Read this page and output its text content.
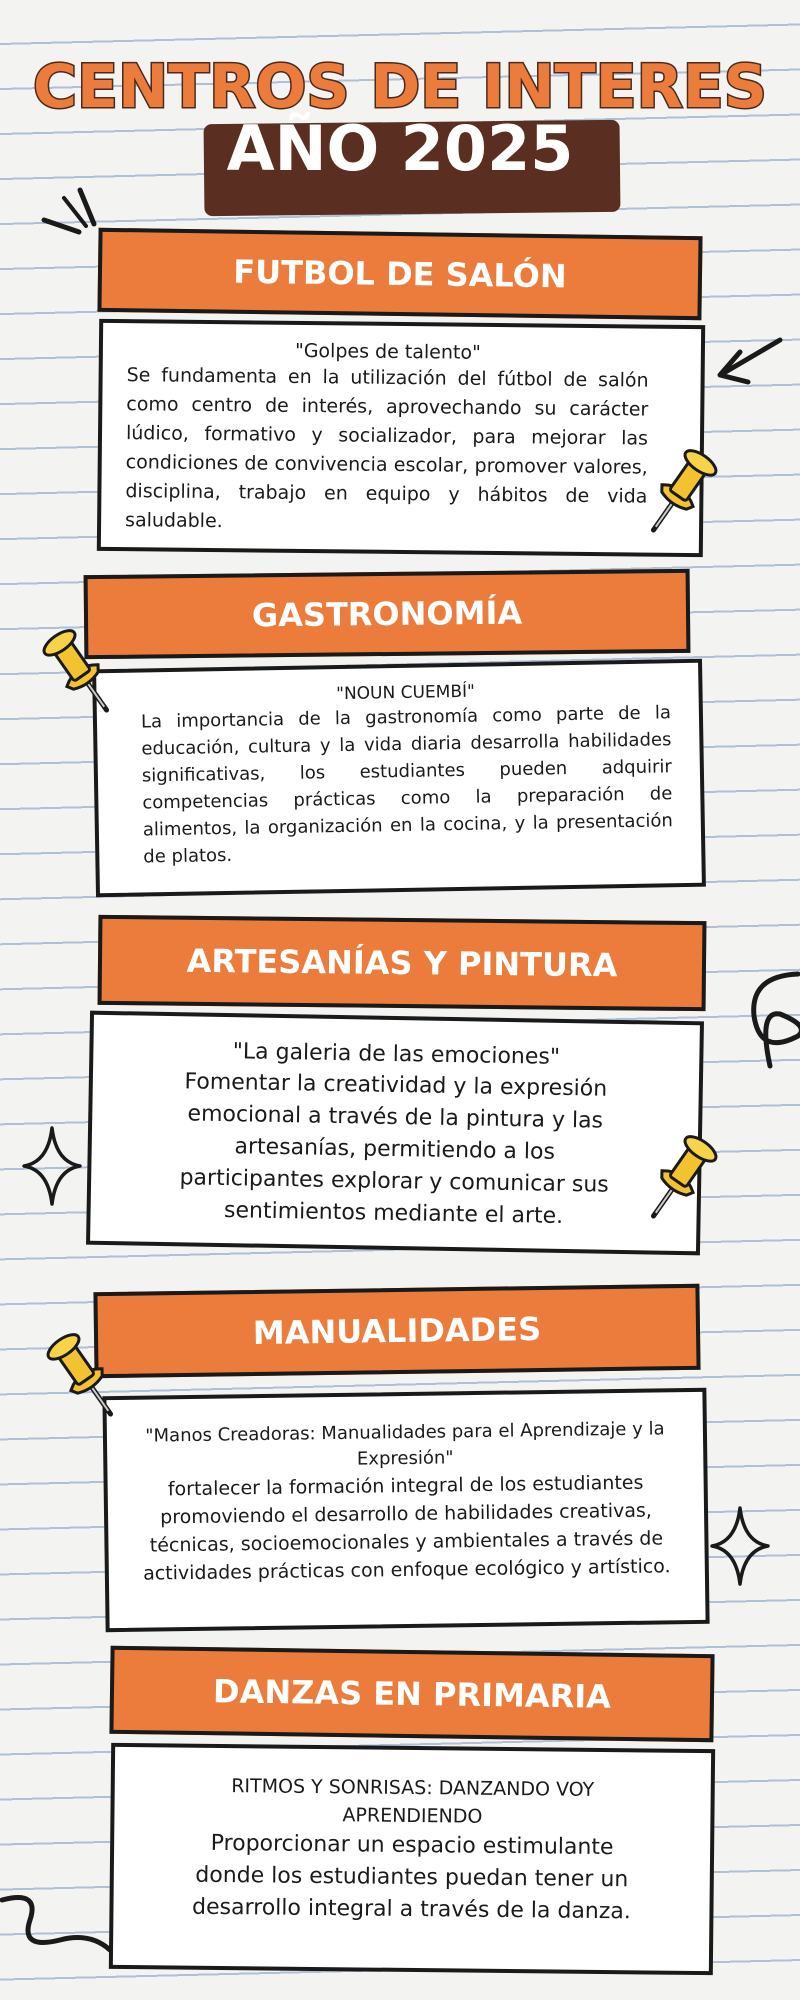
CENTROS DE INTERES
AÑO 2025
FUTBOL DE SALÓN

"Golpes de talento"

Se fundamenta en la utilización del fútbol de salón como centro de interés, aprovechando su carácter lúdico, formativo y socializador, para mejorar las condiciones de convivencia escolar, promover valores, disciplina, trabajo en equipo y hábitos de vida saludable.

GASTRONOMÍA

"NOUN CUEMBÍ"

La importancia de la gastronomía como parte de la educación, cultura y la vida diaria desarrolla habilidades significativas, los estudiantes pueden adquirir competencias prácticas como la preparación de alimentos, la organización en la cocina, y la presentación de platos.

ARTESANÍAS Y PINTURA

"La galeria de las emociones"

Fomentar la creatividad y la expresión emocional a través de la pintura y las artesanías, permitiendo a los participantes explorar y comunicar sus sentimientos mediante el arte.

MANUALIDADES

"Manos Creadoras: Manualidades para el Aprendizaje y la Expresión"

fortalecer la formación integral de los estudiantes promoviendo el desarrollo de habilidades creativas, técnicas, socioemocionales y ambientales a través de actividades prácticas con enfoque ecológico y artístico.

DANZAS EN PRIMARIA

RITMOS Y SONRISAS: DANZANDO VOY APRENDIENDO

Proporcionar un espacio estimulante donde los estudiantes puedan tener un desarrollo integral a través de la danza.
